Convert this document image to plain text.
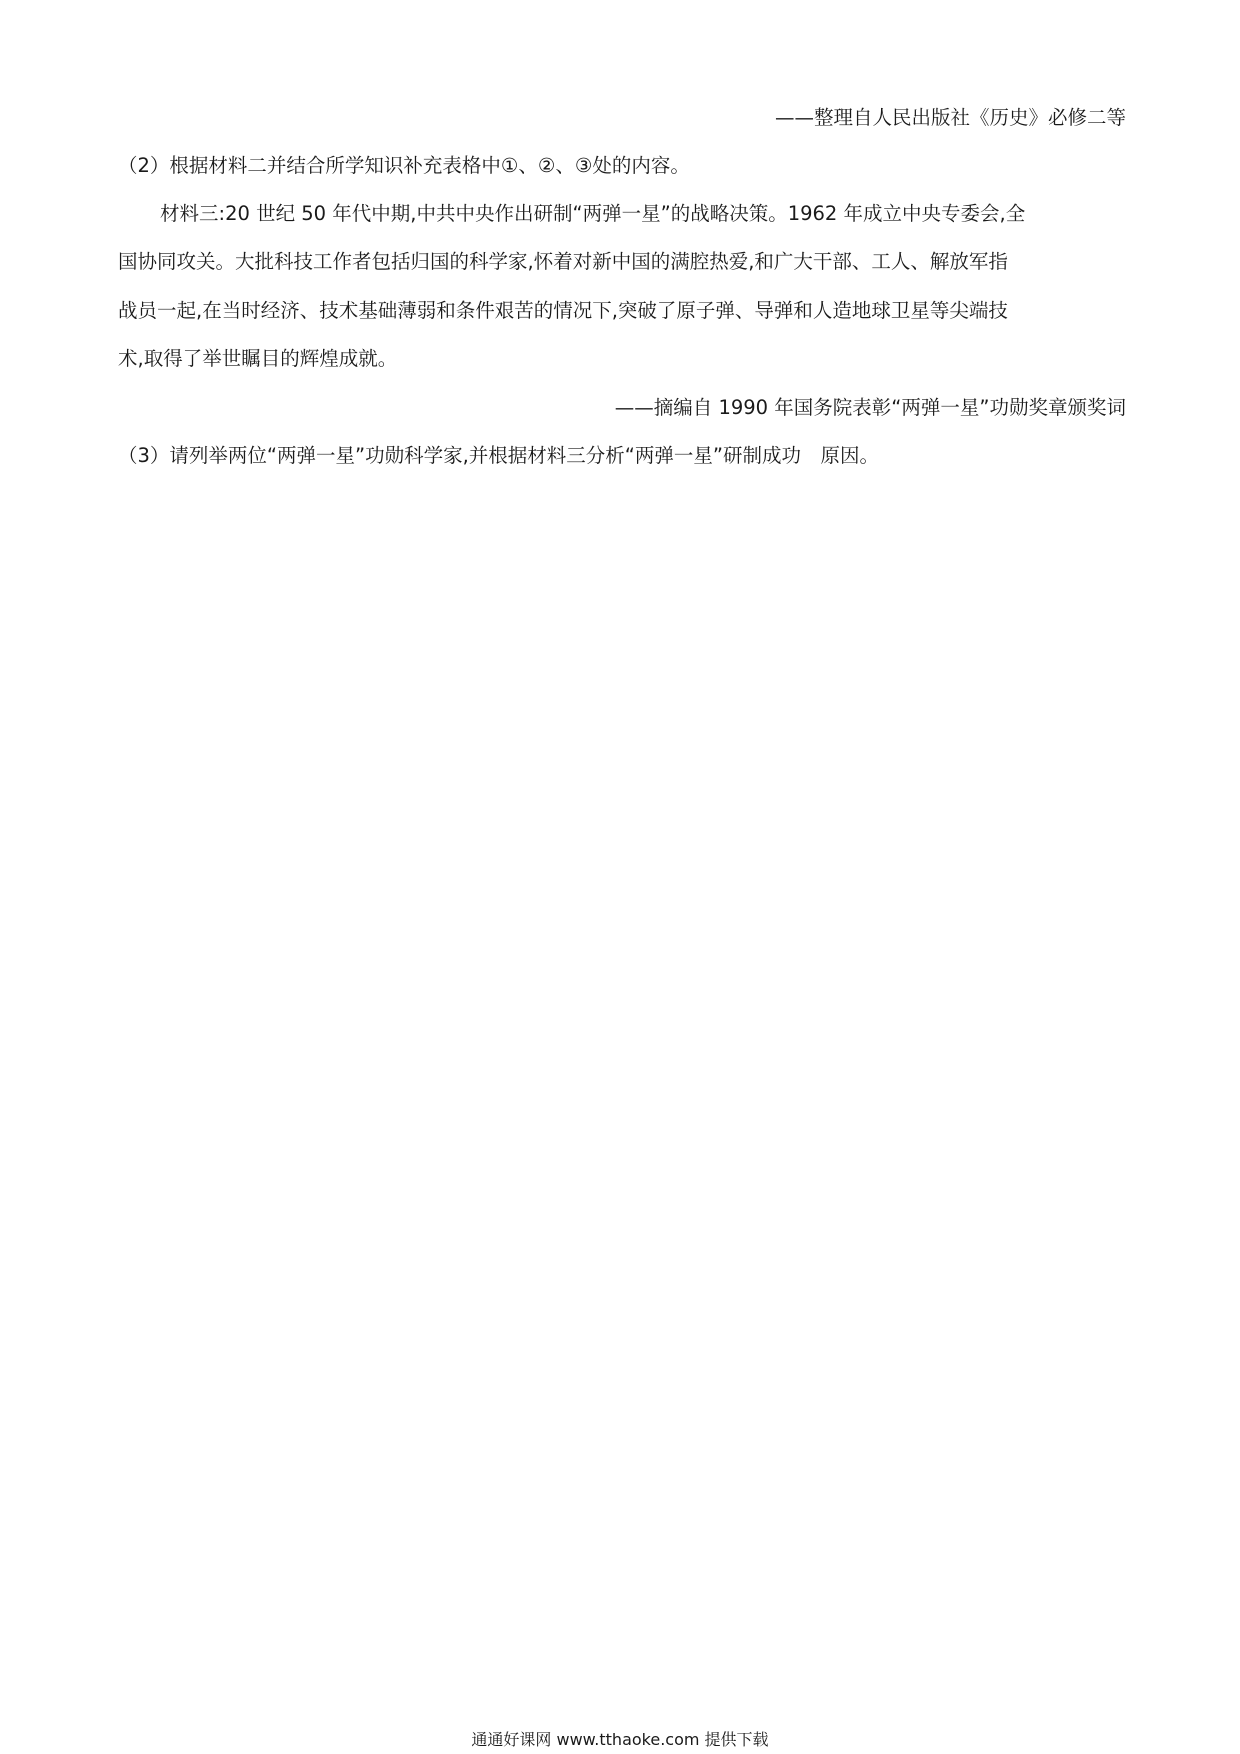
——整理自人民出版社《历史》必修二等
（2）根据材料二并结合所学知识补充表格中①、②、③处的内容。
材料三:20 世纪 50 年代中期,中共中央作出研制“两弹一星”的战略决策。1962 年成立中央专委会,全
国协同攻关。大批科技工作者包括归国的科学家,怀着对新中国的满腔热爱,和广大干部、工人、解放军指
战员一起,在当时经济、技术基础薄弱和条件艰苦的情况下,突破了原子弹、导弹和人造地球卫星等尖端技
术,取得了举世瞩目的辉煌成就。
——摘编自 1990 年国务院表彰“两弹一星”功勋奖章颁奖词
（3）请列举两位“两弹一星”功勋科学家,并根据材料三分析“两弹一星”研制成功　原因。
通通好课网 www.tthaoke.com 提供下载
